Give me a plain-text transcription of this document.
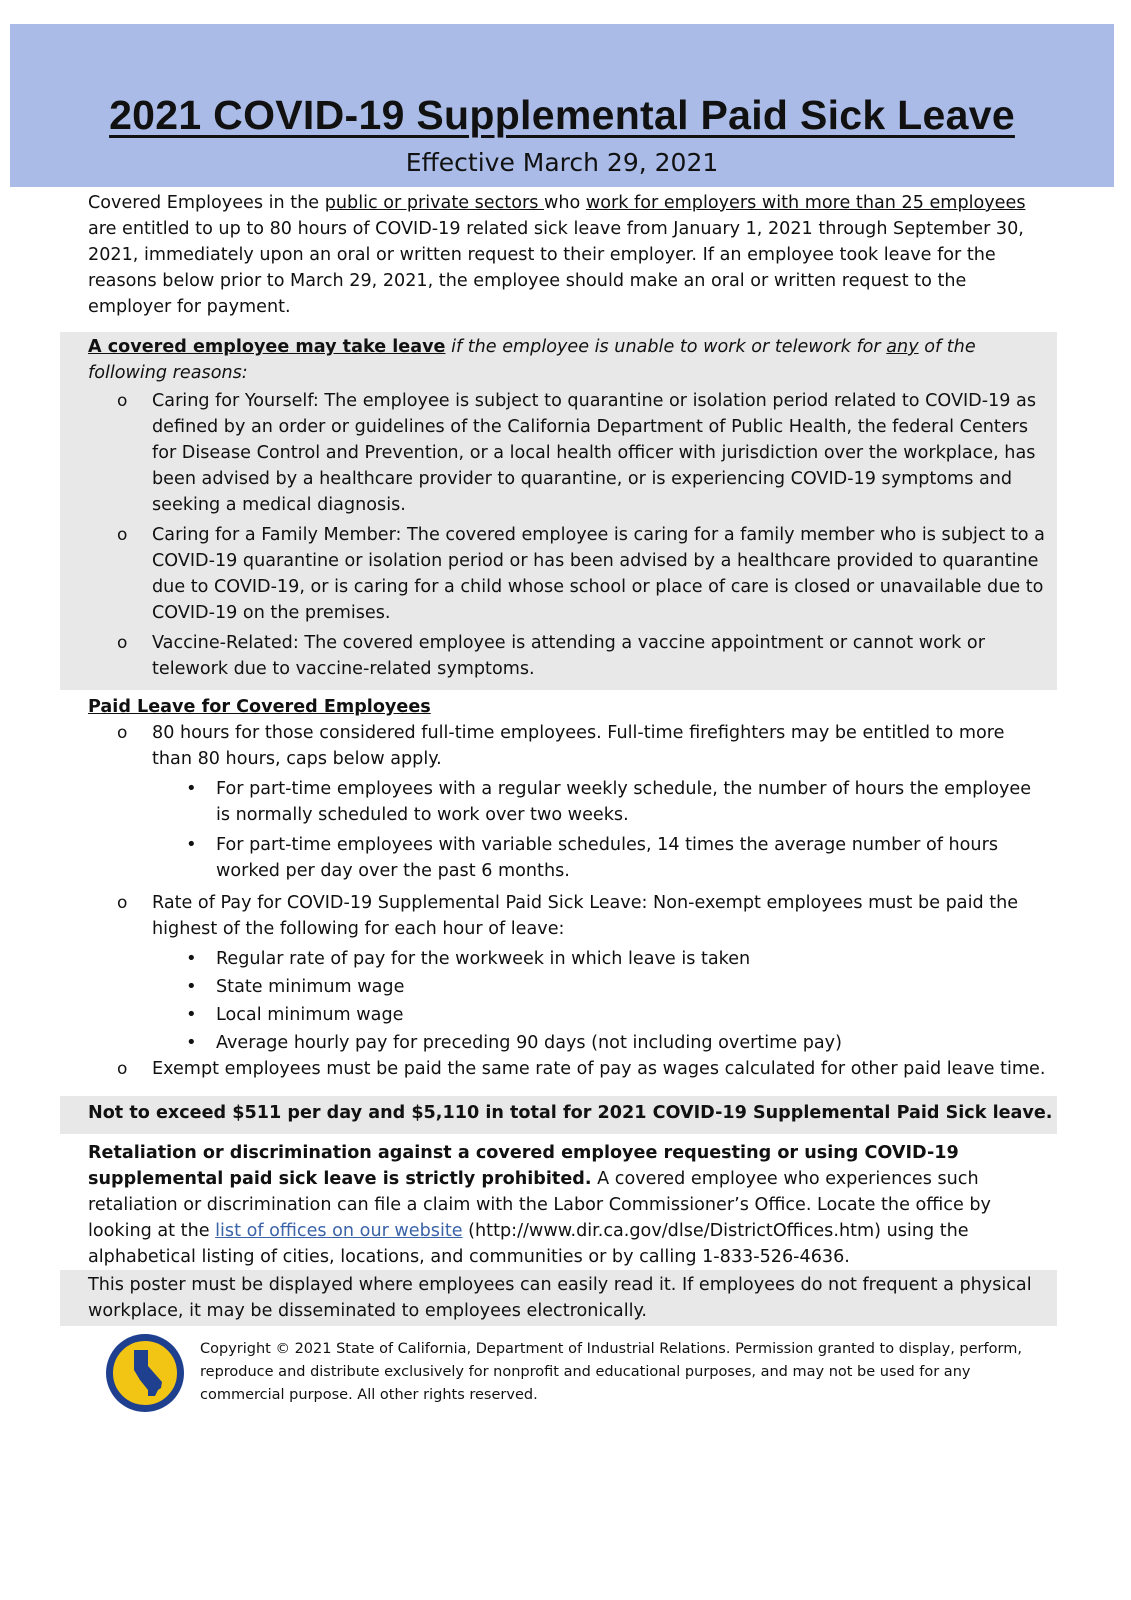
2021 COVID-19 Supplemental Paid Sick Leave

Effective March 29, 2021

Covered Employees in the public or private sectors who work for employers with more than 25 employees are entitled to up to 80 hours of COVID-19 related sick leave from January 1, 2021 through September 30, 2021, immediately upon an oral or written request to their employer. If an employee took leave for the reasons below prior to March 29, 2021, the employee should make an oral or written request to the employer for payment.

A covered employee may take leave if the employee is unable to work or telework for any of the following reasons:

o Caring for Yourself: The employee is subject to quarantine or isolation period related to COVID-19 as defined by an order or guidelines of the California Department of Public Health, the federal Centers for Disease Control and Prevention, or a local health officer with jurisdiction over the workplace, has been advised by a healthcare provider to quarantine, or is experiencing COVID-19 symptoms and seeking a medical diagnosis.
o Caring for a Family Member: The covered employee is caring for a family member who is subject to a COVID-19 quarantine or isolation period or has been advised by a healthcare provided to quarantine due to COVID-19, or is caring for a child whose school or place of care is closed or unavailable due to COVID-19 on the premises.
o Vaccine-Related: The covered employee is attending a vaccine appointment or cannot work or telework due to vaccine-related symptoms.

Paid Leave for Covered Employees

o 80 hours for those considered full-time employees. Full-time firefighters may be entitled to more than 80 hours, caps below apply.
• For part-time employees with a regular weekly schedule, the number of hours the employee is normally scheduled to work over two weeks.
• For part-time employees with variable schedules, 14 times the average number of hours worked per day over the past 6 months.
o Rate of Pay for COVID-19 Supplemental Paid Sick Leave: Non-exempt employees must be paid the highest of the following for each hour of leave:
• Regular rate of pay for the workweek in which leave is taken
• State minimum wage
• Local minimum wage
• Average hourly pay for preceding 90 days (not including overtime pay)
o Exempt employees must be paid the same rate of pay as wages calculated for other paid leave time.

Not to exceed $511 per day and $5,110 in total for 2021 COVID-19 Supplemental Paid Sick leave.

Retaliation or discrimination against a covered employee requesting or using COVID-19 supplemental paid sick leave is strictly prohibited. A covered employee who experiences such retaliation or discrimination can file a claim with the Labor Commissioner’s Office. Locate the office by looking at the list of offices on our website (http://www.dir.ca.gov/dlse/DistrictOffices.htm) using the alphabetical listing of cities, locations, and communities or by calling 1-833-526-4636.

This poster must be displayed where employees can easily read it. If employees do not frequent a physical workplace, it may be disseminated to employees electronically.

Copyright © 2021 State of California, Department of Industrial Relations. Permission granted to display, perform, reproduce and distribute exclusively for nonprofit and educational purposes, and may not be used for any commercial purpose. All other rights reserved.
